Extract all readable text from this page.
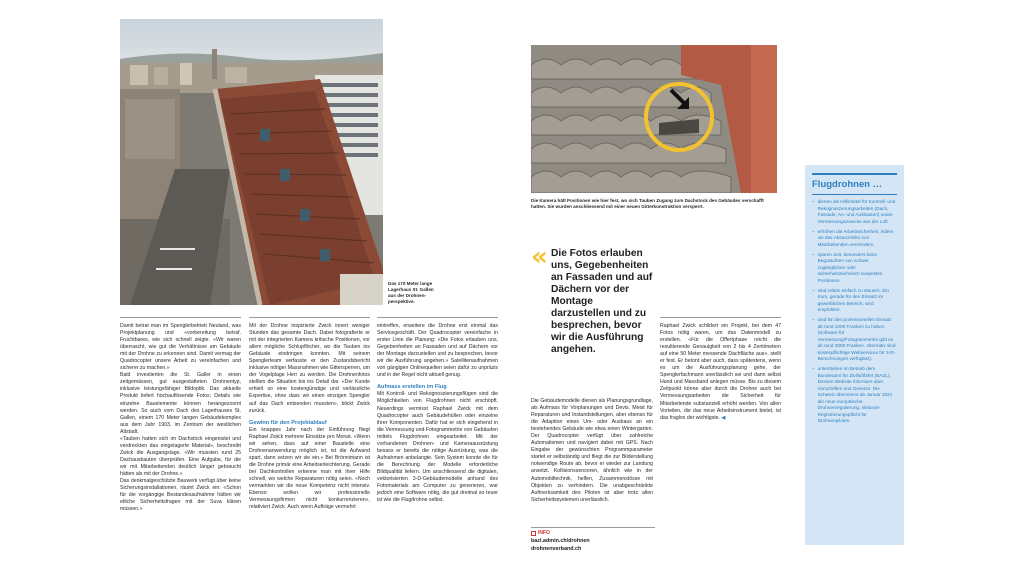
Das 170 Meter lange Lagerhaus St. Gallen aus der Drohnen-perspektive.
Die Kamera hält Positionen wie hier fest, wo sich Tauben Zugang zum Dachstock des Gebäudes verschafft hatten. Sie wurden anschliessend mit einer neuen Gitterkonstruktion versperrt.

Damit betrat man im Spenglerbetrieb Neuland, was Projektplanung und «vorbereitung betraf. Fruchtbares, wie sich schnell zeigte. «Wir waren überrascht, wie gut die Verhältnisse am Gebäude mit der Drohne zu erkennen sind. Damit vermag der Quadrocopter unsere Arbeit zu vereinfachen und sicherer zu machen.»

Bald investierten die St. Galler in einen zeitgemässen, gut ausgestatteten Drohnentyp, inklusive leistungsfähiger Bildoptik. Das aktuelle Produkt liefert hochauflösende Fotos; Details wie einzelne Bauelemente können herangezoomt werden. So auch vom Dach des Lagerhauses St. Gallen, einem 170 Meter langen Gebäudekomplex aus dem Jahr 1903, im Zentrum der westlichen Altstadt.

«Tauben hatten sich im Dachstock eingenistet und verdreckten das eingelagerte Material», beschreibt Zwick die Ausgangslage. «Wir mussten rund 25 Dachausbauten überprüfen. Eine Aufgabe, für die wir mit Mitarbeitenden deutlich länger gebraucht hätten als mit der Drohne.»

Das denkmalgeschützte Bauwerk verfügt über keine Sicherungsinstallationen, räumt Zwick ein: «Schon für die vorgängige Bestandesaufnahme hätten wir etliche Sicherheitsfragen mit der Suva klären müssen.»

Mit der Drohne inspizierte Zwick innert weniger Stunden das gesamte Dach. Dabei fotografierte er mit der integrierten Kamera kritische Positionen, vor allem mögliche Schlupflöcher, wo die Tauben ins Gebäude eindringen konnten. Mit seinem Spenglerteam verfasste er den Zustandsbericht inklusive nötiger Massnahmen wie Gittersperren, um der Vogelplage Herr zu werden. Die Drohnenfotos stellten die Situation bis ins Detail dar. «Der Kunde erhielt so eine kostengünstige und verlässliche Expertise, ohne dass wir einen einzigen Spengler auf das Dach entsenden mussten», blickt Zwick zurück.

Gewinn für den Projektablauf

Ein knappes Jahr nach der Einführung fliegt Raphael Zwick mehrere Einsätze pro Monat. «Wenn wir sehen, dass auf einer Baustelle eine Drohnenanwendung möglich ist, ist die Aufwand spart, dann setzen wir sie ein.» Bei Brönnimann ist die Drohne primär eine Arbeitserleichterung. Gerade bei Dachkontrollen erkenne man mit ihrer Hilfe schnell, wo welche Reparaturen nötig seien. «Noch vermarkten wir die neue Kompetenz nicht intensiv. Ebenso wollen wir professionelle Vermessungsfirmen nicht konkurrenzieren», relativiert Zwick. Auch wenn Aufträge vermehrt

eintreffen, erweitere die Drohne erst einmal das Servicegeschäft. Der Quadrocopter vereinfache in erster Linie die Planung: «Die Fotos erlauben uns, Gegebenheiten an Fassaden und auf Dächern vor der Montage darzustellen und zu besprechen, bevor wir die Ausführung angehen.» Satellitenaufnahmen von gängigen Onlinequellen seien dafür zu unpräzis und in der Regel nicht aktuell genug.

Aufmass erstellen im Flug

Mit Kontroll- und Rekognoszierungsflügen sind die Möglichkeiten von Flugdrohnen nicht erschöpft. Neuerdings vermisst Raphael Zwick mit dem Quadrocopter auch Gebäudehüllen oder einzelne ihrer Komponenten. Dafür hat er sich eingehend in die Vermessung und Fotogrammetrie von Gebäuden mittels Flugdrohnen eingearbeitet. Mit der vorhandenen Drohnen- und Kameraausrüstung besass er bereits die nötige Ausrüstung, was die Aufnahmen anbelangte. Sein System konnte die für die Berechnung der Modelle erforderliche Bildqualität liefern. Um anschliessend die digitalen, vektorisierten 3-D-Gebäudemodelle anhand des Fotomaterials am Computer zu generieren, war jedoch eine Software nötig, die gut dreimal so teuer ist wie die Flugdrohne selbst.

« Die Fotos erlauben uns, Gegebenheiten an Fassaden und auf Dächern vor der Montage darzustellen und zu besprechen, bevor wir die Ausführung angehen.

Die Gebäudemodelle dienen als Planungsgrundlage, als Aufmass für Vorplanungen und Devis. Meist für Reparaturen und Instandstellungen, aber ebenso für die Adaption eines Um- oder Ausbaus an ein bestehendes Gebäude wie etwa einen Wintergarten. Der Quadrocopter verfügt über zahlreiche Automatismen und navigiert dabei mit GPS. Nach Eingabe der gewünschten Programmparameter startet er selbständig und fliegt die zur Bilderstellung notwendige Route ab, bevor er wieder zur Landung ansetzt. Kollisionssensoren, ähnlich wie in der Automobiltechnik, helfen, Zusammenstösse mit Objekten zu verhindern. Die unabgeschränkte Aufmerksamkeit des Piloten ist aber trotz allen Sicherheitssystemen unerlässlich.

INFO
bazl.admin.ch/drohnen
drohnenverband.ch

Raphael Zwick schildert ein Projekt, bei dem 47 Fotos nötig waren, um das Datenmodell zu erstellen. «Für die Offertphase reicht die resultierende Genauigkeit von 2 bis 4 Zentimetern auf eine 50 Meter messende Dachfläche aus», stellt er fest. Er betont aber auch, dass spätestens, wenn es um die Ausführungsplanung gehe, der Spenglerfachmann unerlässlich sei und dann selbst Hand und Massband anlegen müsse. Bis zu diesem Zeitpunkt könne aber durch die Drohne auch bei Vermessungsarbeiten die Sicherheit für Mitarbeitende substanziell erhöht werden. Von allen Vorteilen, die das neue Arbeitsinstrument bietet, ist das fraglos der wichtigste. ◀

Flugdrohnen …
– dienen als Hilfsmittel für Kontroll- und Rekognoszierungsarbeiten (Dach, Fassade, An- und Ausbauten) sowie Vermessungszwecke aus der Luft.
– erhöhen die Arbeitssicherheit, indem sie das Absturzrisiko von Mitarbeitenden vermindern.
– sparen Zeit, besonders beim Begutachten von schwer zugänglichen oder sicherheitstechnisch suspekten Positionen.
– sind relativ einfach zu steuern. Ein Kurs, gerade für den Einsatz im gewerblichen Bereich, wird empfohlen.
– sind für den professionellen Einsatz ab rund 1000 Franken zu haben (Software für Vermessung/Fotogrammetrie gibt es ab rund 3000 Franken. Alternativ sind kostenpflichtige Webservices für 3-D-Berechnungen verfügbar).
– unterstehen im Betrieb dem Bundesamt für Zivilluftfahrt (BAZL). Dessen Website informiert über Vorschriften und Gesetze. Die Schweiz übernimmt ab Januar 2021 die neue europäische Drohnenregulierung, inklusive Registrierungspflicht für Drohnenpiloten.
